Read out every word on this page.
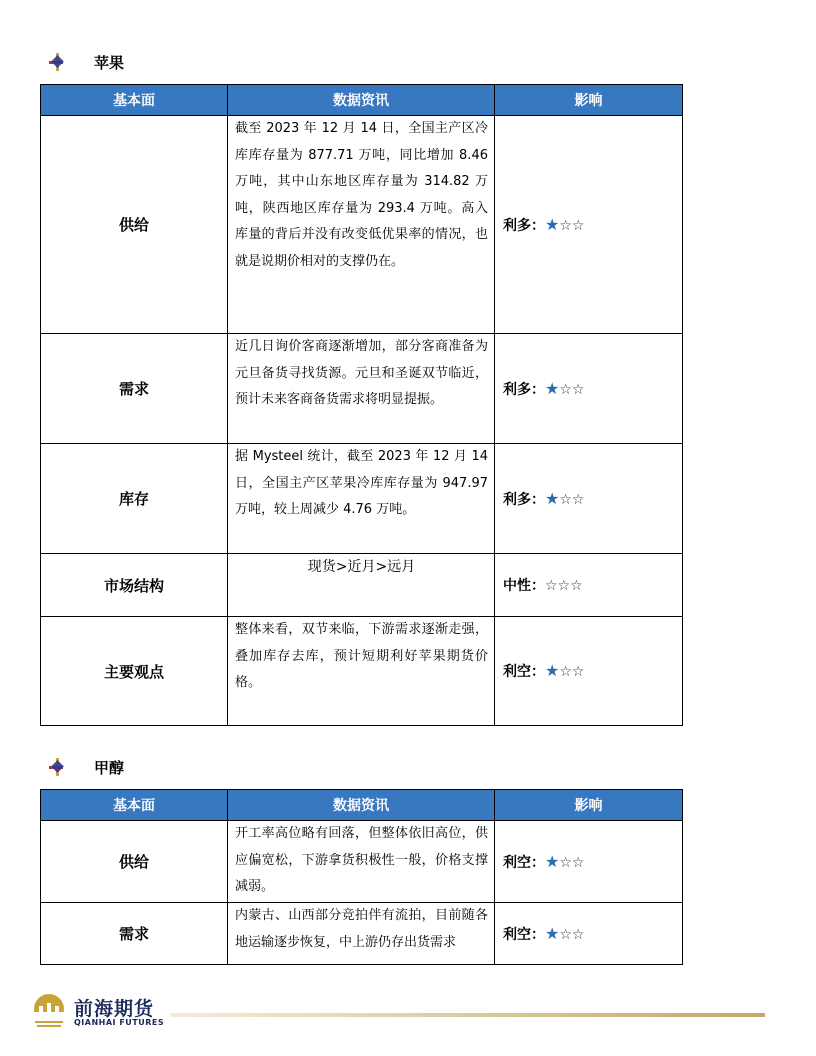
苹果
基本面	数据资讯	影响
供给	截至 2023 年 12 月 14 日，全国主产区冷库库存量为 877.71 万吨，同比增加 8.46 万吨，其中山东地区库存量为 314.82 万吨，陕西地区库存量为 293.4 万吨。高入库量的背后并没有改变低优果率的情况，也就是说期价相对的支撑仍在。	利多：★☆☆
需求	近几日询价客商逐渐增加，部分客商准备为元旦备货寻找货源。元旦和圣诞双节临近，预计未来客商备货需求将明显提振。	利多：★☆☆
库存	据 Mysteel 统计，截至 2023 年 12 月 14 日，全国主产区苹果冷库库存量为 947.97 万吨，较上周减少 4.76 万吨。	利多：★☆☆
市场结构	现货>近月>远月	中性：☆☆☆
主要观点	整体来看，双节来临，下游需求逐渐走强，叠加库存去库，预计短期利好苹果期货价格。	利空：★☆☆
甲醇
基本面	数据资讯	影响
供给	开工率高位略有回落，但整体依旧高位，供应偏宽松，下游拿货积极性一般，价格支撑减弱。	利空：★☆☆
需求	内蒙古、山西部分竞拍伴有流拍，目前随各地运输逐步恢复，中上游仍存出货需求	利空：★☆☆
前海期货
QIANHAI FUTURES
